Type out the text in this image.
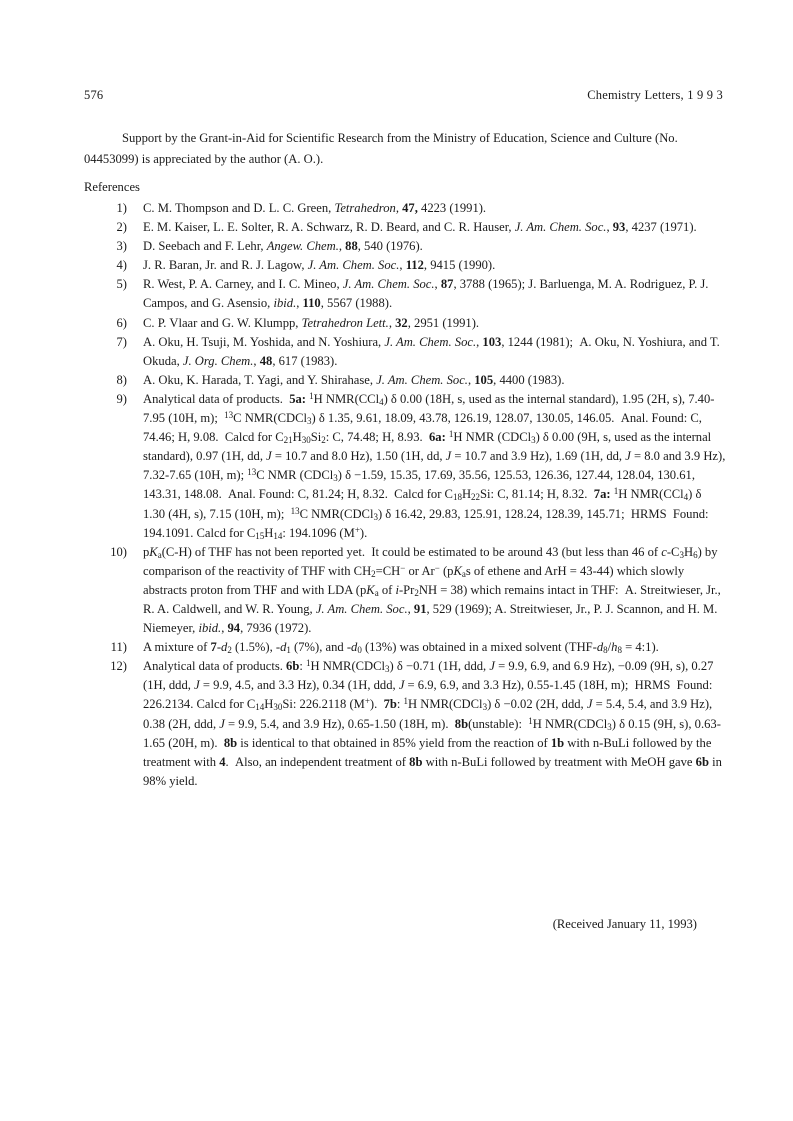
576	Chemistry Letters, 1 9 9 3
Support by the Grant-in-Aid for Scientific Research from the Ministry of Education, Science and Culture (No. 04453099) is appreciated by the author (A. O.).
References
1)	C. M. Thompson and D. L. C. Green, Tetrahedron, 47, 4223 (1991).
2)	E. M. Kaiser, L. E. Solter, R. A. Schwarz, R. D. Beard, and C. R. Hauser, J. Am. Chem. Soc., 93, 4237 (1971).
3)	D. Seebach and F. Lehr, Angew. Chem., 88, 540 (1976).
4)	J. R. Baran, Jr. and R. J. Lagow, J. Am. Chem. Soc., 112, 9415 (1990).
5)	R. West, P. A. Carney, and I. C. Mineo, J. Am. Chem. Soc., 87, 3788 (1965); J. Barluenga, M. A. Rodriguez, P. J. Campos, and G. Asensio, ibid., 110, 5567 (1988).
6)	C. P. Vlaar and G. W. Klumpp, Tetrahedron Lett., 32, 2951 (1991).
7)	A. Oku, H. Tsuji, M. Yoshida, and N. Yoshiura, J. Am. Chem. Soc., 103, 1244 (1981);  A. Oku, N. Yoshiura, and T. Okuda, J. Org. Chem., 48, 617 (1983).
8)	A. Oku, K. Harada, T. Yagi, and Y. Shirahase, J. Am. Chem. Soc., 105, 4400 (1983).
9)	Analytical data of products.  5a: $^1$H NMR(CCl$_4$) δ 0.00 (18H, s, used as the internal standard), 1.95 (2H, s), 7.40-7.95 (10H, m);  $^{13}$C NMR(CDCl$_3$) δ 1.35, 9.61, 18.09, 43.78, 126.19, 128.07, 130.05, 146.05.  Anal. Found: C, 74.46; H, 9.08.  Calcd for $C_{21}H_{30}Si_2$: C, 74.48; H, 8.93.  6a: $^1$H NMR (CDCl$_3$) δ 0.00 (9H, s, used as the internal standard), 0.97 (1H, dd, J = 10.7 and 8.0 Hz), 1.50 (1H, dd, J = 10.7 and 3.9 Hz), 1.69 (1H, dd, J = 8.0 and 3.9 Hz), 7.32-7.65 (10H, m); $^{13}$C NMR (CDCl$_3$) δ −1.59, 15.35, 17.69, 35.56, 125.53, 126.36, 127.44, 128.04, 130.61, 143.31, 148.08.  Anal. Found: C, 81.24; H, 8.32.  Calcd for $C_{18}H_{22}Si$: C, 81.14; H, 8.32.  7a: $^1$H NMR(CCl$_4$) δ 1.30 (4H, s), 7.15 (10H, m);  $^{13}$C NMR(CDCl$_3$) δ 16.42, 29.83, 125.91, 128.24, 128.39, 145.71;  HRMS  Found: 194.1091. Calcd for $C_{15}H_{14}$: 194.1096 (M+).
10)	$pK_a(C-H)$ of THF has not been reported yet.  It could be estimated to be around 43 (but less than 46 of $c-C_3H_6$) by comparison of the reactivity of THF with $CH_2=CH^-$ or Ar− ($pK_as$ of ethene and ArH = 43-44) which slowly abstracts proton from THF and with LDA ($pK_a$ of $i-Pr_2NH = 38$) which remains intact in THF:  A. Streitwieser, Jr., R. A. Caldwell, and W. R. Young, J. Am. Chem. Soc., 91, 529 (1969); A. Streitwieser, Jr., P. J. Scannon, and H. M. Niemeyer, ibid., 94, 7936 (1972).
11)	A mixture of $7-d_2$ (1.5%), $-d_1$ (7%), and $-d_0$ (13%) was obtained in a mixed solvent ($THF-d_8/h_8$ = 4:1).
12)	Analytical data of products. 6b: $^1$H NMR(CDCl$_3$) δ −0.71 (1H, ddd, J = 9.9, 6.9, and 6.9 Hz), −0.09 (9H, s), 0.27 (1H, ddd, J = 9.9, 4.5, and 3.3 Hz), 0.34 (1H, ddd, J = 6.9, 6.9, and 3.3 Hz), 0.55-1.45 (18H, m);  HRMS  Found: 226.2134. Calcd for $C_{14}H_{30}Si$: 226.2118 (M+).  7b: $^1$H NMR(CDCl$_3$) δ −0.02 (2H, ddd, J = 5.4, 5.4, and 3.9 Hz), 0.38 (2H, ddd, J = 9.9, 5.4, and 3.9 Hz), 0.65-1.50 (18H, m).  8b(unstable):  $^1$H NMR(CDCl$_3$) δ 0.15 (9H, s), 0.63-1.65 (20H, m).  8b is identical to that obtained in 85% yield from the reaction of 1b with n-BuLi followed by the treatment with 4.  Also, an independent treatment of 8b with n-BuLi followed by treatment with MeOH gave 6b in 98% yield.
(Received January 11, 1993)
